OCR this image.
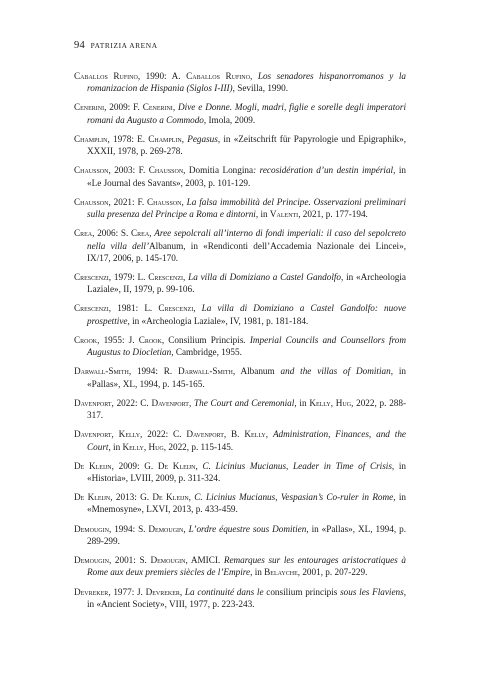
94 PATRIZIA ARENA

Caballos Rufino, 1990: A. Caballos Rufino, Los senadores hispanorromanos y la romanizacion de Hispania (Siglos I-III), Sevilla, 1990.

Cenerini, 2009: F. Cenerini, Dive e Donne. Mogli, madri, figlie e sorelle degli imperatori romani da Augusto a Commodo, Imola, 2009.

Champlin, 1978: E. Champlin, Pegasus, in «Zeitschrift für Papyrologie und Epigraphik», XXXII, 1978, p. 269-278.

Chausson, 2003: F. Chausson, Domitia Longina: recosidération d’un destin impérial, in «Le Journal des Savants», 2003, p. 101-129.

Chausson, 2021: F. Chausson, La falsa immobilità del Principe. Osservazioni preliminari sulla presenza del Principe a Roma e dintorni, in Valenti, 2021, p. 177-194.

Crea, 2006: S. Crea, Aree sepolcrali all’interno di fondi imperiali: il caso del sepolcreto nella villa dell’Albanum, in «Rendiconti dell’Accademia Nazionale dei Lincei», IX/17, 2006, p. 145-170.

Crescenzi, 1979: L. Crescenzi, La villa di Domiziano a Castel Gandolfo, in «Archeologia Laziale», II, 1979, p. 99-106.

Crescenzi, 1981: L. Crescenzi, La villa di Domiziano a Castel Gandolfo: nuove prospettive, in «Archeologia Laziale», IV, 1981, p. 181-184.

Crook, 1955: J. Crook, Consilium Principis. Imperial Councils and Counsellors from Augustus to Diocletian, Cambridge, 1955.

Darwall-Smith, 1994: R. Darwall-Smith, Albanum and the villas of Domitian, in «Pallas», XL, 1994, p. 145-165.

Davenport, 2022: C. Davenport, The Court and Ceremonial, in Kelly, Hug, 2022, p. 288-317.

Davenport, Kelly, 2022: C. Davenport, B. Kelly, Administration, Finances, and the Court, in Kelly, Hug, 2022, p. 115-145.

De Kleijn, 2009: G. De Kleijn, C. Licinius Mucianus, Leader in Time of Crisis, in «Historia», LVIII, 2009, p. 311-324.

De Kleijn, 2013: G. De Kleijn, C. Licinius Mucianus, Vespasian’s Co-ruler in Rome, in «Mnemosyne», LXVI, 2013, p. 433-459.

Demougin, 1994: S. Demougin, L’ordre équestre sous Domitien, in «Pallas», XL, 1994, p. 289-299.

Demougin, 2001: S. Demougin, AMICI. Remarques sur les entourages aristocratiques à Rome aux deux premiers siècles de l’Empire, in Belayche, 2001, p. 207-229.

Devreker, 1977: J. Devreker, La continuité dans le consilium principis sous les Flaviens, in «Ancient Society», VIII, 1977, p. 223-243.
